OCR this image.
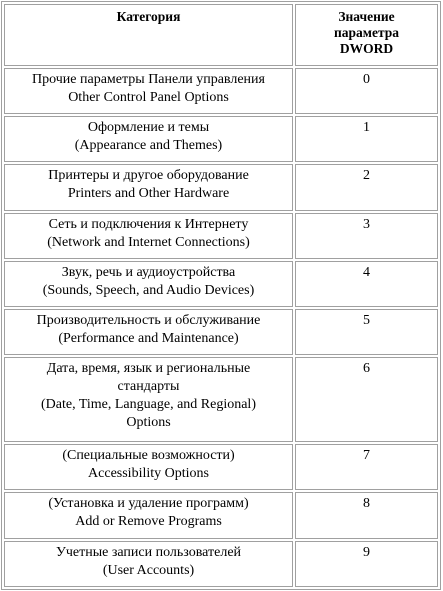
Категория	Значение
параметра
DWORD

Прочие параметры Панели управления
Other Control Panel Options	0

Оформление и темы
(Appearance and Themes)	1

Принтеры и другое оборудование
Printers and Other Hardware	2

Сеть и подключения к Интернету
(Network and Internet Connections)	3

Звук, речь и аудиоустройства
(Sounds, Speech, and Audio Devices)	4

Производительность и обслуживание
(Performance and Maintenance)	5

Дата, время, язык и региональные
стандарты
(Date, Time, Language, and Regional)
Options	6

(Специальные возможности)
Accessibility Options	7

(Установка и удаление программ)
Add or Remove Programs	8

Учетные записи пользователей
(User Accounts)	9
